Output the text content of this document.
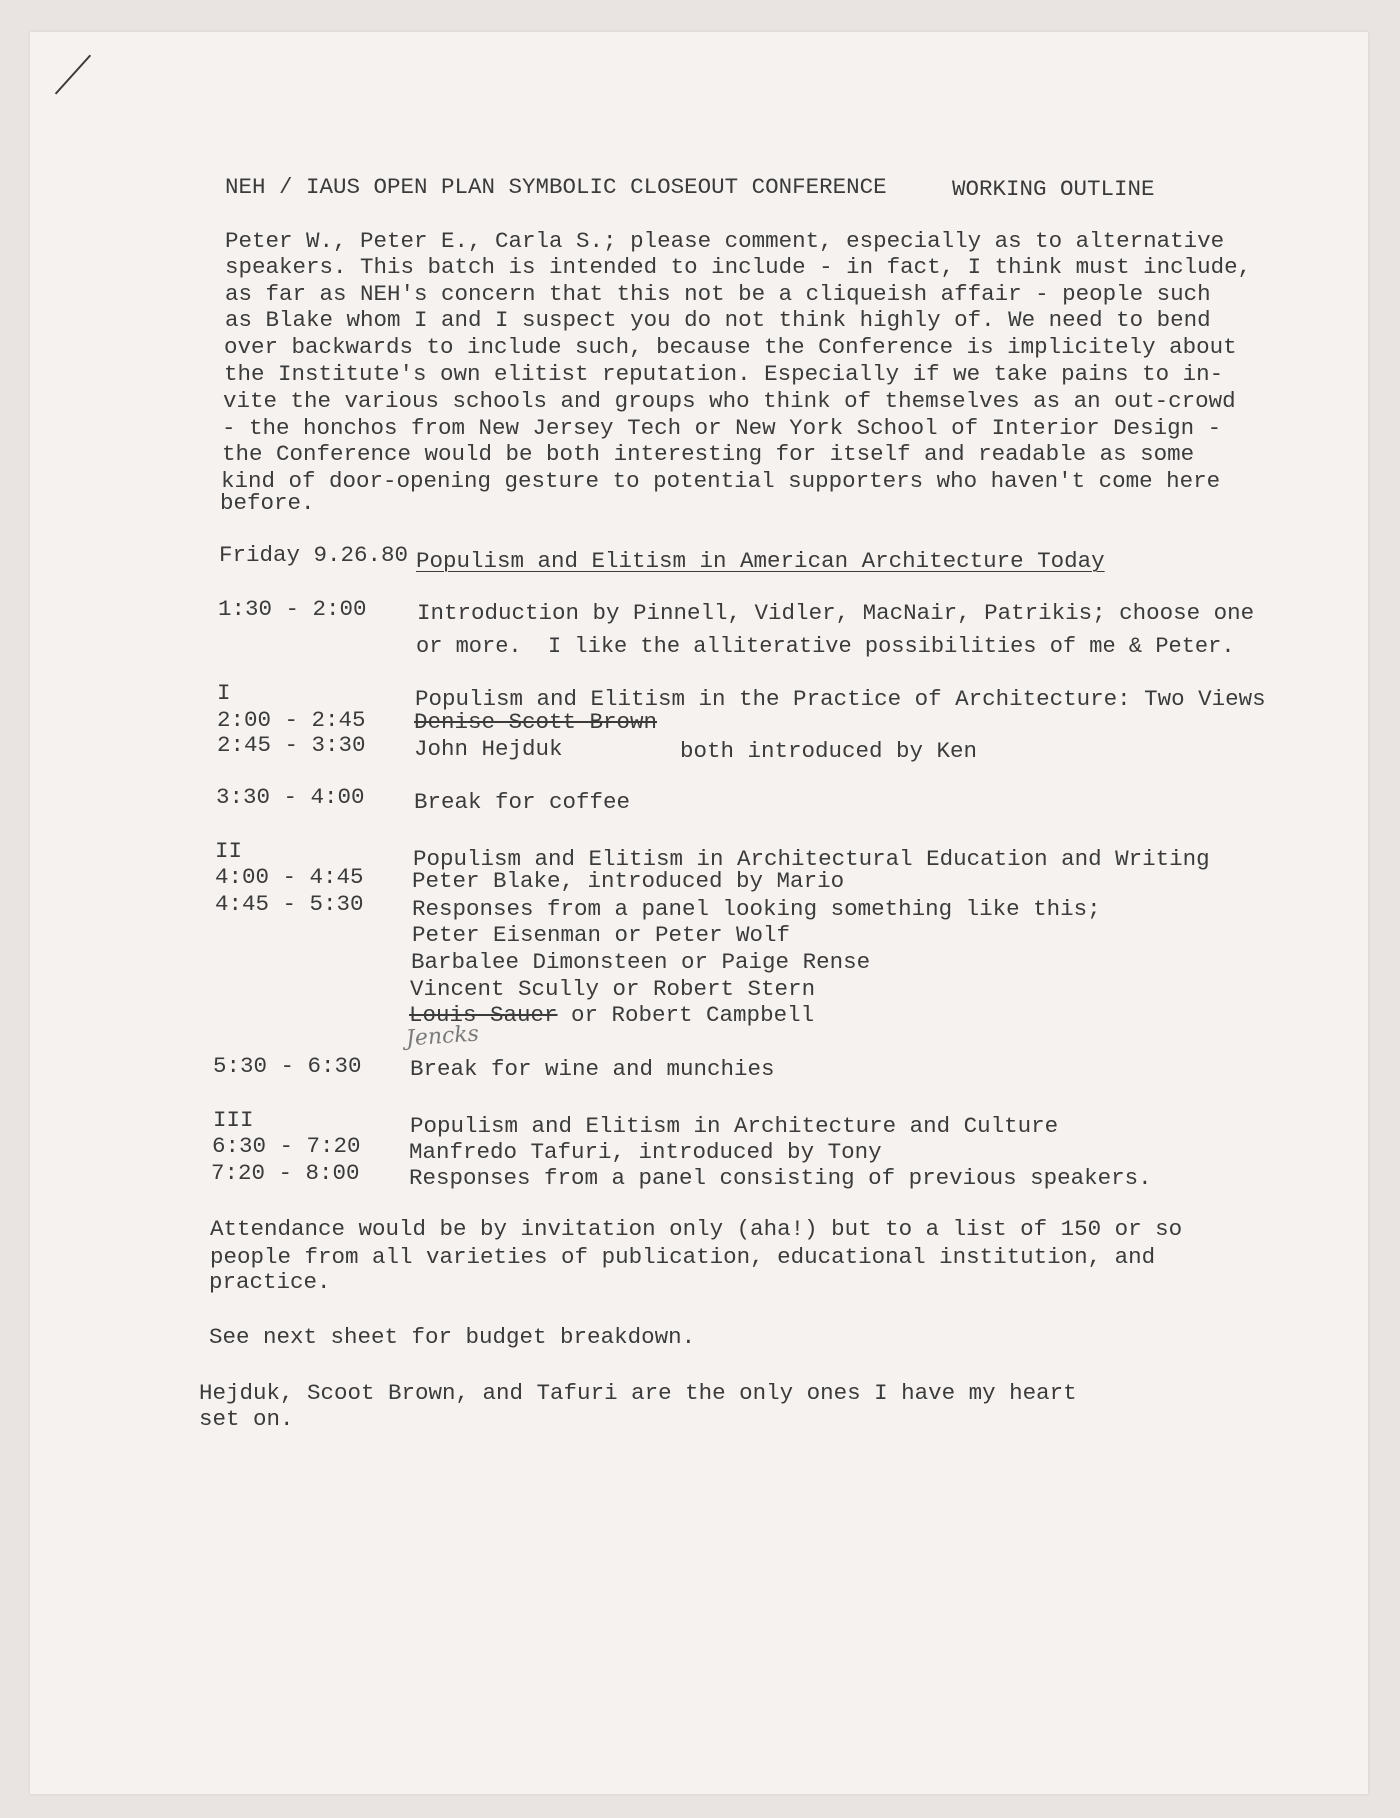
NEH / IAUS OPEN PLAN SYMBOLIC CLOSEOUT CONFERENCE	WORKING OUTLINE
Peter W., Peter E., Carla S.; please comment, especially as to alternative
speakers. This batch is intended to include - in fact, I think must include,
as far as NEH's concern that this not be a cliqueish affair - people such
as Blake whom I and I suspect you do not think highly of. We need to bend
over backwards to include such, because the Conference is implicitely about
the Institute's own elitist reputation. Especially if we take pains to in-
vite the various schools and groups who think of themselves as an out-crowd
- the honchos from New Jersey Tech or New York School of Interior Design -
the Conference would be both interesting for itself and readable as some
kind of door-opening gesture to potential supporters who haven't come here
before.
Friday 9.26.80 Populism and Elitism in American Architecture Today
1:30 - 2:00 Introduction by Pinnell, Vidler, MacNair, Patrikis; choose one
or more.  I like the alliterative possibilities of me & Peter.
I	Populism and Elitism in the Practice of Architecture: Two Views
2:00 - 2:45 Denise Scott Brown
2:45 - 3:30 John Hejduk	both introduced by Ken
3:30 - 4:00 Break for coffee
II	Populism and Elitism in Architectural Education and Writing
4:00 - 4:45 Peter Blake, introduced by Mario
4:45 - 5:30 Responses from a panel looking something like this;
Peter Eisenman or Peter Wolf
Barbalee Dimonsteen or Paige Rense
Vincent Scully or Robert Stern
Louis Sauer or Robert Campbell
Jencks
5:30 - 6:30 Break for wine and munchies
III	Populism and Elitism in Architecture and Culture
6:30 - 7:20 Manfredo Tafuri, introduced by Tony
7:20 - 8:00 Responses from a panel consisting of previous speakers.
Attendance would be by invitation only (aha!) but to a list of 150 or so
people from all varieties of publication, educational institution, and
practice.
See next sheet for budget breakdown.
Hejduk, Scoot Brown, and Tafuri are the only ones I have my heart
set on.
